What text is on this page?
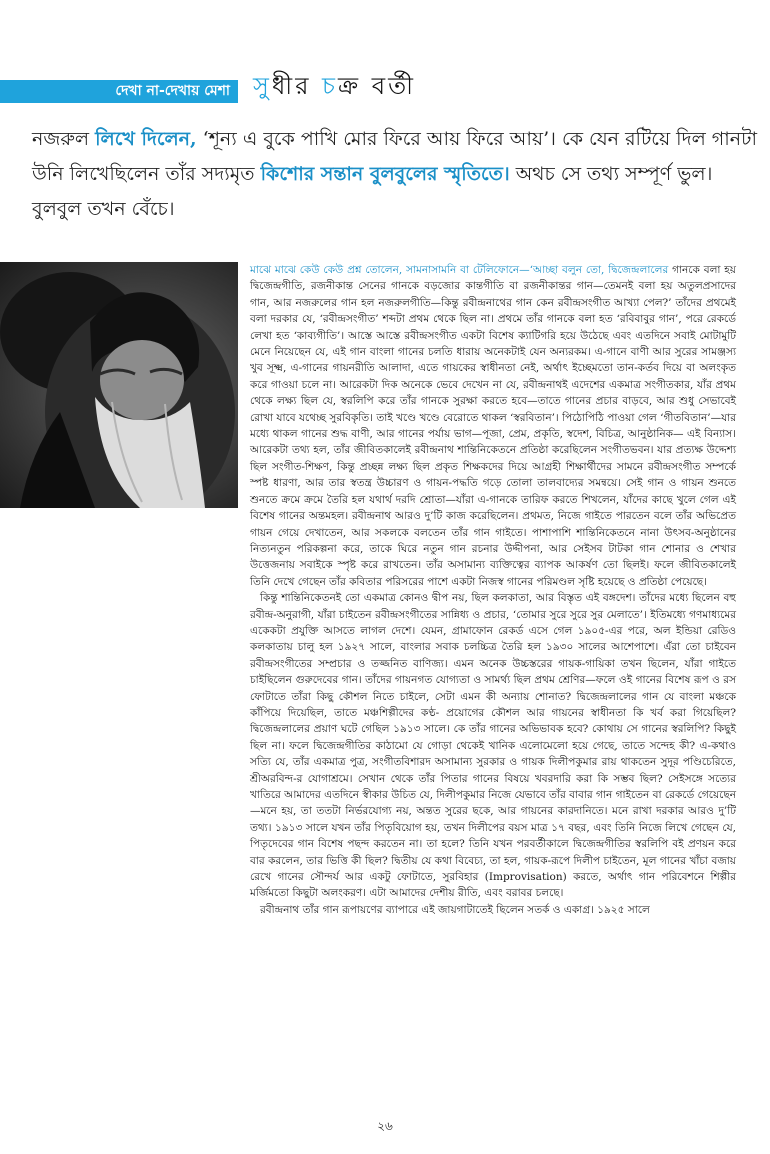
দেখা না-দেখায় মেশা সুধীর চক্র বর্তী

নজরুল লিখে দিলেন, ‘শূন্য এ বুকে পাখি মোর ফিরে আয় ফিরে আয়’। কে যেন রটিয়ে দিল গানটা উনি লিখেছিলেন তাঁর সদ্যমৃত কিশোর সন্তান বুলবুলের স্মৃতিতে। অথচ সে তথ্য সম্পূর্ণ ভুল। বুলবুল তখন বেঁচে।

মাঝে মাঝে কেউ কেউ প্রশ্ন তোলেন, সামনাসামনি বা টেলিফোনে—‘আচ্ছা বলুন তো, দ্বিজেন্দ্রলালের গানকে বলা হয় দ্বিজেন্দ্রগীতি, রজনীকান্ত সেনের গানকে বড়জোর কান্তগীতি বা রজনীকান্তর গান—তেমনই বলা হয় অতুলপ্রসাদের গান, আর নজরুলের গান হল নজরুলগীতি—কিন্তু রবীন্দ্রনাথের গান কেন রবীন্দ্রসংগীত আখ্যা পেল?’ তাঁদের প্রথমেই বলা দরকার যে, ‘রবীন্দ্রসংগীত’ শব্দটা প্রথম থেকে ছিল না। প্রথমে তাঁর গানকে বলা হত ‘রবিবাবুর গান’, পরে রেকর্ডে লেখা হত ‘কাব্যগীতি’। আস্তে আস্তে রবীন্দ্রসংগীত একটা বিশেষ ক্যাটিগরি হয়ে উঠেছে এবং এতদিনে সবাই মোটামুটি মেনে নিয়েছেন যে, এই গান বাংলা গানের চলতি ধারায় অনেকটাই যেন অন্যরকম। এ-গানে বাণী আর সুরের সামঞ্জস্য খুব সূক্ষ্ম, এ-গানের গায়নরীতি আলাদা, এতে গায়কের স্বাধীনতা নেই, অর্থাৎ ইচ্ছেমতো তান-কর্তব দিয়ে বা অলংকৃত করে গাওয়া চলে না। আরেকটা দিক অনেকে ভেবে দেখেন না যে, রবীন্দ্রনাথই এদেশের একমাত্র সংগীতকার, যাঁর প্রথম থেকে লক্ষ্য ছিল যে, স্বরলিপি করে তাঁর গানকে সুরক্ষা করতে হবে—তাতে গানের প্রচার বাড়বে, আর শুধু সেভাবেই রোখা যাবে যথেচ্ছ সুরবিকৃতি। তাই খণ্ডে খণ্ডে বেরোতে থাকল ‘স্বরবিতান’। পিঠোপিঠি পাওয়া গেল ‘গীতবিতান’—যার মধ্যে থাকল গানের শুদ্ধ বাণী, আর গানের পর্যায় ভাগ—পূজা, প্রেম, প্রকৃতি, স্বদেশ, বিচিত্র, আনুষ্ঠানিক— এই বিন্যাস। আরেকটা তথ্য হল, তাঁর জীবিতকালেই রবীন্দ্রনাথ শান্তিনিকেতনে প্রতিষ্ঠা করেছিলেন সংগীতভবন। যার প্রত্যক্ষ উদ্দেশ্য ছিল সংগীত-শিক্ষণ, কিন্তু প্রচ্ছন্ন লক্ষ্য ছিল প্রকৃত শিক্ষকদের দিয়ে আগ্রহী শিক্ষার্থীদের সামনে রবীন্দ্রসংগীত সম্পর্কে স্পষ্ট ধারণা, আর তার স্বতন্ত্র উচ্চারণ ও গায়ন-পদ্ধতি গড়ে তোলা তালবাদ্যের সমন্বয়ে। সেই গান ও গায়ন শুনতে শুনতে ক্রমে ক্রমে তৈরি হল যথার্থ দরদি শ্রোতা—যাঁরা এ-গানকে তারিফ করতে শিখলেন, যাঁদের কাছে খুলে গেল এই বিশেষ গানের অন্তমহল। রবীন্দ্রনাথ আরও দু’টি কাজ করেছিলেন। প্রথমত, নিজে গাইতে পারতেন বলে তাঁর অভিপ্রেত গায়ন গেয়ে দেখাতেন, আর সকলকে বলতেন তাঁর গান গাইতে। পাশাপাশি শান্তিনিকেতনে নানা উৎসব-অনুষ্ঠানের নিত্যনতুন পরিকল্পনা করে, তাকে ঘিরে নতুন গান রচনার উদ্দীপনা, আর সেইসব টাটকা গান শোনার ও শেখার উত্তেজনায় সবাইকে স্পৃষ্ট করে রাখতেন। তাঁর অসামান্য ব্যক্তিত্বের ব্যাপক আকর্ষণ তো ছিলই। ফলে জীবিতকালেই তিনি দেখে গেছেন তাঁর কবিতার পরিসরের পাশে একটা নিজস্ব গানের পরিমণ্ডল সৃষ্টি হয়েছে ও প্রতিষ্ঠা পেয়েছে।

কিন্তু শান্তিনিকেতনই তো একমাত্র কোনও দ্বীপ নয়, ছিল কলকাতা, আর বিস্তৃত এই বঙ্গদেশ। তাঁদের মধ্যে ছিলেন বহু রবীন্দ্র-অনুরাগী, যাঁরা চাইতেন রবীন্দ্রসংগীতের সান্নিধ্য ও প্রচার, ‘তোমার সুরে সুরে সুর মেলাতে’। ইতিমধ্যে গণমাধ্যমের একেকটা প্রযুক্তি আসতে লাগল দেশে। যেমন, গ্রামাফোন রেকর্ড এসে গেল ১৯০৫-এর পরে, অল ইন্ডিয়া রেডিও কলকাতায় চালু হল ১৯২৭ সালে, বাংলার সবাক চলচ্চিত্র তৈরি হল ১৯৩০ সালের আশেপাশে। এঁরা তো চাইবেন রবীন্দ্রসংগীতের সম্প্রচার ও তজ্জনিত বাণিজ্য। এমন অনেক উচ্চস্তরের গায়ক-গায়িকা তখন ছিলেন, যাঁরা গাইতে চাইছিলেন গুরুদেবের গান। তাঁদের গায়নগত যোগ্যতা ও সামর্থ্য ছিল প্রথম শ্রেণির—ফলে ওই গানের বিশেষ রূপ ও রস ফোটাতে তাঁরা কিছু কৌশল নিতে চাইলে, সেটা এমন কী অন্যায় শোনাত? দ্বিজেন্দ্রলালের গান যে বাংলা মঞ্চকে কাঁপিয়ে দিয়েছিল, তাতে মঞ্চশিল্পীদের কণ্ঠ- প্রয়োগের কৌশল আর গায়নের স্বাধীনতা কি খর্ব করা গিয়েছিল? দ্বিজেন্দ্রলালের প্রয়াণ ঘটে গেছিল ১৯১৩ সালে। কে তাঁর গানের অভিভাবক হবে? কোথায় সে গানের স্বরলিপি? কিছুই ছিল না। ফলে দ্বিজেন্দ্রগীতির কাঠামো যে গোড়া থেকেই খানিক এলোমেলো হয়ে গেছে, তাতে সন্দেহ কী? এ-কথাও সত্যি যে, তাঁর একমাত্র পুত্র, সংগীতবিশারদ অসামান্য সুরকার ও গায়ক দিলীপকুমার রায় থাকতেন সুদূর পণ্ডিচেরিতে, শ্রীঅরবিন্দ-র যোগাশ্রমে। সেখান থেকে তাঁর পিতার গানের বিষয়ে খবরদারি করা কি সম্ভব ছিল? সেইসঙ্গে সত্যের খাতিরে আমাদের এতদিনে স্বীকার উচিত যে, দিলীপকুমার নিজে যেভাবে তাঁর বাবার গান গাইতেন বা রেকর্ডে গেয়েছেন—মনে হয়, তা ততটা নির্ভরযোগ্য নয়, অন্তত সুরের ছকে, আর গায়নের কারদানিতে। মনে রাখা দরকার আরও দু’টি তথ্য। ১৯১৩ সালে যখন তাঁর পিতৃবিয়োগ হয়, তখন দিলীপের বয়স মাত্র ১৭ বছর, এবং তিনি নিজে লিখে গেছেন যে, পিতৃদেবের গান বিশেষ পছন্দ করতেন না। তা হলে? তিনি যখন পরবর্তীকালে দ্বিজেন্দ্রগীতির স্বরলিপি বই প্রণয়ন করে বার করলেন, তার ভিত্তি কী ছিল? দ্বিতীয় যে কথা বিবেচ্য, তা হল, গায়ক-রূপে দিলীপ চাইতেন, মূল গানের খাঁচা বজায় রেখে গানের সৌন্দর্য আর একটু ফোটাতে, সুরবিহার (Improvisation) করতে, অর্থাৎ গান পরিবেশনে শিল্পীর মর্জিমতো কিছুটা অলংকরণ। এটা আমাদের দেশীয় রীতি, এবং বরাবর চলছে।

রবীন্দ্রনাথ তাঁর গান রূপায়ণের ব্যাপারে এই জায়গাটাতেই ছিলেন সতর্ক ও একাগ্র। ১৯২৫ সালে

২৬
